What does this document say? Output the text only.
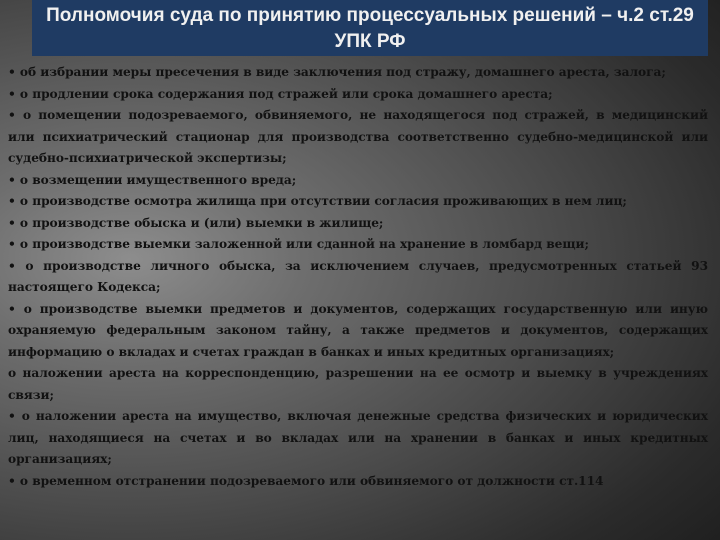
Полномочия суда по принятию процессуальных решений – ч.2 ст.29 УПК РФ

• об избрании меры пресечения в виде заключения под стражу, домашнего ареста, залога;

• о продлении срока содержания под стражей или срока домашнего ареста;

• о помещении подозреваемого, обвиняемого, не находящегося под стражей, в медицинский или психиатрический стационар для производства соответственно судебно-медицинской или судебно-психиатрической экспертизы;

• о возмещении имущественного вреда;

• о производстве осмотра жилища при отсутствии согласия проживающих в нем лиц;

• о производстве обыска и (или) выемки в жилище;

• о производстве выемки заложенной или сданной на хранение в ломбард вещи;

• о производстве личного обыска, за исключением случаев, предусмотренных статьей 93 настоящего Кодекса;

• о производстве выемки предметов и документов, содержащих государственную или иную охраняемую федеральным законом тайну, а также предметов и документов, содержащих информацию о вкладах и счетах граждан в банках и иных кредитных организациях;

о наложении ареста на корреспонденцию, разрешении на ее осмотр и выемку в учреждениях связи;

• о наложении ареста на имущество, включая денежные средства физических и юридических лиц, находящиеся на счетах и во вкладах или на хранении в банках и иных кредитных организациях;

• о временном отстранении подозреваемого или обвиняемого от должности ст.114
